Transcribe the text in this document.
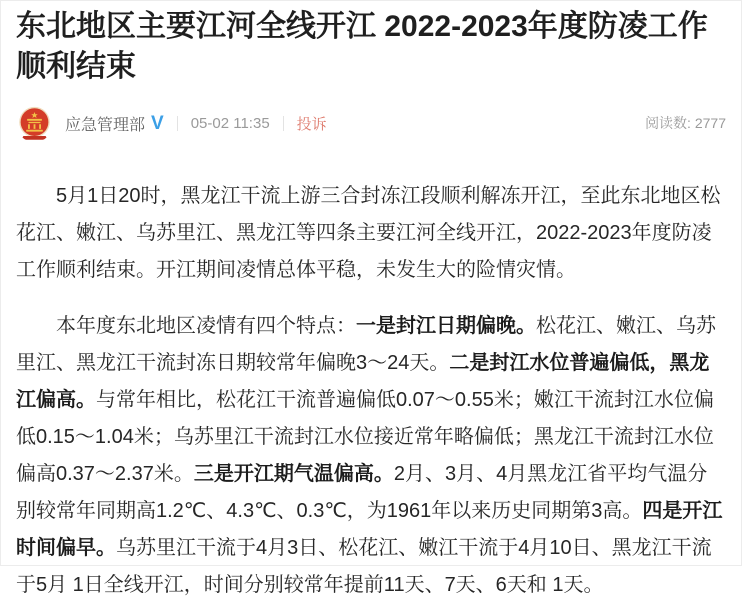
东北地区主要江河全线开江 2022-2023年度防凌工作顺利结束
应急管理部 V 05-02 11:35 投诉	阅读数: 2777

5月1日20时，黑龙江干流上游三合封冻江段顺利解冻开江，至此东北地区松花江、嫩江、乌苏里江、黑龙江等四条主要江河全线开江，2022-2023年度防凌工作顺利结束。开江期间凌情总体平稳，未发生大的险情灾情。

本年度东北地区凌情有四个特点：一是封江日期偏晚。松花江、嫩江、乌苏里江、黑龙江干流封冻日期较常年偏晚3～24天。二是封江水位普遍偏低，黑龙江偏高。与常年相比，松花江干流普遍偏低0.07～0.55米；嫩江干流封江水位偏低0.15～1.04米；乌苏里江干流封江水位接近常年略偏低；黑龙江干流封江水位偏高0.37～2.37米。三是开江期气温偏高。2月、3月、4月黑龙江省平均气温分别较常年同期高1.2℃、4.3℃、0.3℃，为1961年以来历史同期第3高。四是开江时间偏早。乌苏里江干流于4月3日、松花江、嫩江干流于4月10日、黑龙江干流于5月 1日全线开江，时间分别较常年提前11天、7天、6天和 1天。
